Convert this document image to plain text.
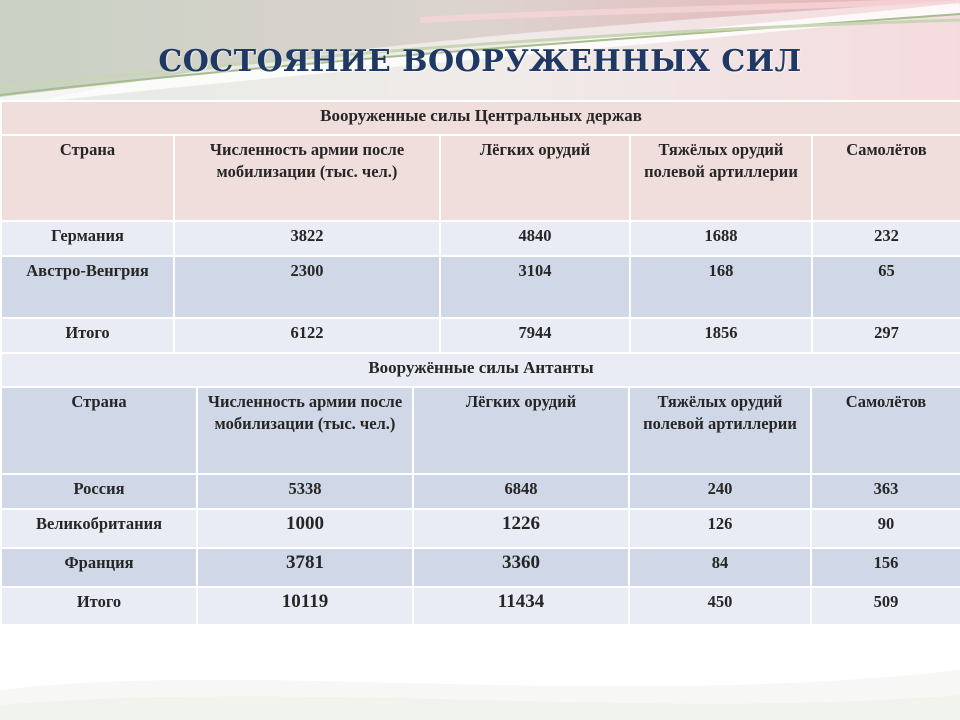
СОСТОЯНИЕ ВООРУЖЕННЫХ СИЛ
Вооруженные силы Центральных держав				
Страна	Численность армии после мобилизации (тыс. чел.)	Лёгких орудий	Тяжёлых орудий полевой артиллерии	Самолётов
Германия	3822	4840	1688	232
Австро-Венгрия	2300	3104	168	65
Итого	6122	7944	1856	297
Вооружённые силы Антанты				
Страна	Численность армии после мобилизации (тыс. чел.)	Лёгких орудий	Тяжёлых орудий полевой артиллерии	Самолётов
Россия	5338	6848	240	363
Великобритания	1000	1226	126	90
Франция	3781	3360	84	156
Итого	10119	11434	450	509
